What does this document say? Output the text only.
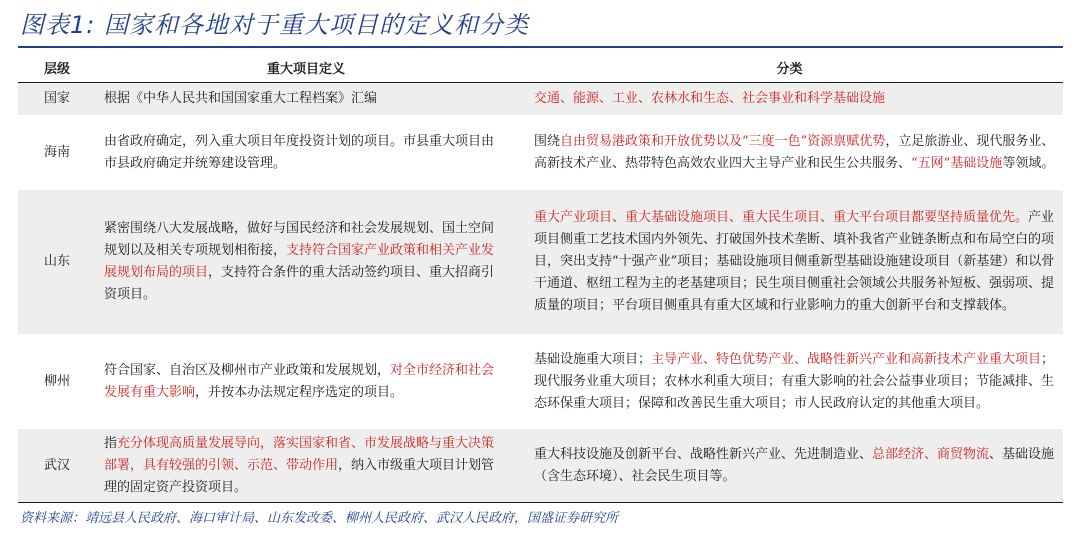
图表1: 国家和各地对于重大项目的定义和分类
层级	重大项目定义	分类
国家	根据《中华人民共和国国家重大工程档案》汇编	交通、能源、工业、农林水和生态、社会事业和科学基础设施
海南	由省政府确定，列入重大项目年度投资计划的项目。市县重大项目由市县政府确定并统筹建设管理。	围绕自由贸易港政策和开放优势以及“三度一色”资源禀赋优势，立足旅游业、现代服务业、高新技术产业、热带特色高效农业四大主导产业和民生公共服务、“五网”基础设施等领域。
山东	紧密围绕八大发展战略，做好与国民经济和社会发展规划、国土空间规划以及相关专项规划相衔接，支持符合国家产业政策和相关产业发展规划布局的项目，支持符合条件的重大活动签约项目、重大招商引资项目。	重大产业项目、重大基础设施项目、重大民生项目、重大平台项目都要坚持质量优先。产业项目侧重工艺技术国内外领先、打破国外技术垄断、填补我省产业链条断点和布局空白的项目，突出支持“十强产业”项目；基础设施项目侧重新型基础设施建设项目（新基建）和以骨干通道、枢纽工程为主的老基建项目；民生项目侧重社会领域公共服务补短板、强弱项、提质量的项目；平台项目侧重具有重大区域和行业影响力的重大创新平台和支撑载体。
柳州	符合国家、自治区及柳州市产业政策和发展规划，对全市经济和社会发展有重大影响，并按本办法规定程序选定的项目。	基础设施重大项目；主导产业、特色优势产业、战略性新兴产业和高新技术产业重大项目；现代服务业重大项目；农林水利重大项目；有重大影响的社会公益事业项目；节能减排、生态环保重大项目；保障和改善民生重大项目；市人民政府认定的其他重大项目。
武汉	指充分体现高质量发展导向，落实国家和省、市发展战略与重大决策部署，具有较强的引领、示范、带动作用，纳入市级重大项目计划管理的固定资产投资项目。	重大科技设施及创新平台、战略性新兴产业、先进制造业、总部经济、商贸物流、基础设施（含生态环境）、社会民生项目等。
资料来源：靖远县人民政府、海口审计局、山东发改委、柳州人民政府、武汉人民政府，国盛证券研究所
